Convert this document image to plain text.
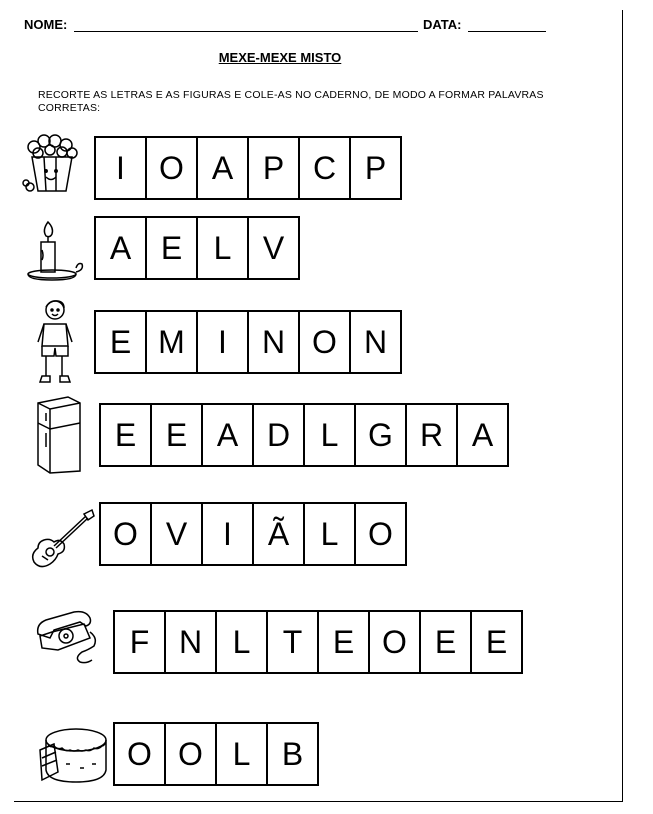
NOME:	DATA:
MEXE-MEXE MISTO
RECORTE AS LETRAS E AS FIGURAS E COLE-AS NO CADERNO, DE MODO A FORMAR PALAVRAS CORRETAS:
I	O A P C P
A E L V
E M	I	N O N
E E A D L G R A
O V	I	Ã L O
F N L	T E O E E
O O L B
